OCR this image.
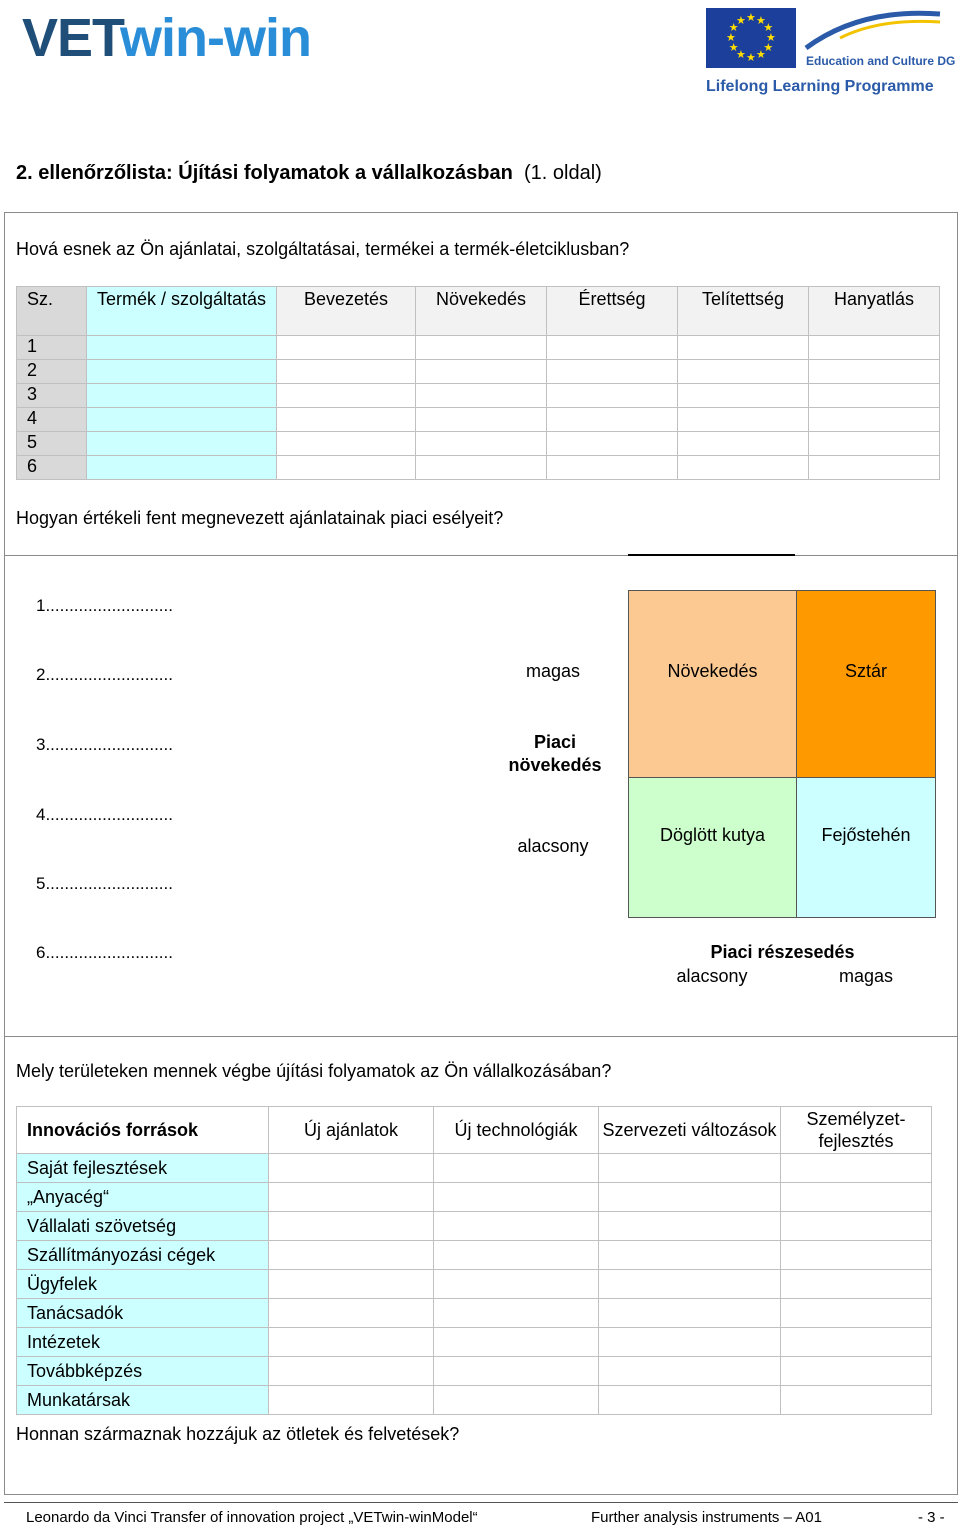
VETwin-win	★
★
★
★
★
★
★
★
★ ★ ★
★
Education and Culture DG
Lifelong Learning Programme
2. ellenőrzőlista: Újítási folyamatok a vállalkozásban (1. oldal)
Hová esnek az Ön ajánlatai, szolgáltatásai, termékei a termék-életciklusban?
Sz.	Termék / szolgáltatás	Bevezetés	Növekedés	Érettség	Telítettség	Hanyatlás
1						
2						
3						
4						
5						
6						
Hogyan értékeli fent megnevezett ajánlatainak piaci esélyeit?
1...........................
2...........................
3...........................
4...........................
5...........................
6...........................
magas
Piaci növekedés
alacsony
Növekedés	Sztár
Döglött kutya	Fejőstehén
Piaci részesedés
alacsony	magas
Mely területeken mennek végbe újítási folyamatok az Ön vállalkozásában?
Innovációs források	Új ajánlatok	Új technológiák	Szervezeti változások	Személyzet-fejlesztés
Saját fejlesztések				
„Anyacég“				
Vállalati szövetség				
Szállítmányozási cégek				
Ügyfelek				
Tanácsadók				
Intézetek				
Továbbképzés				
Munkatársak				
Honnan származnak hozzájuk az ötletek és felvetések?
Leonardo da Vinci Transfer of innovation project „VETwin-winModel“	Further analysis instruments – A01	- 3 -
